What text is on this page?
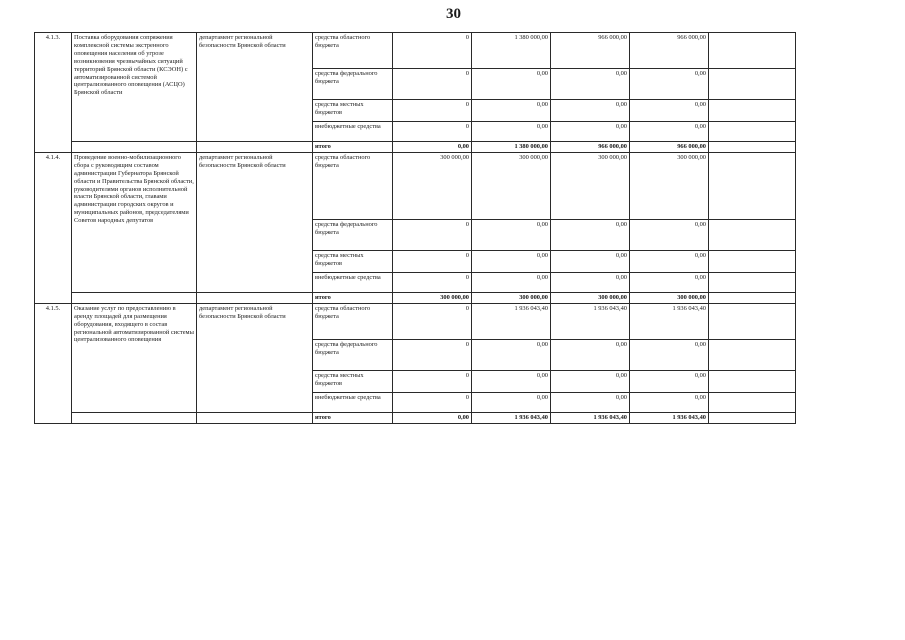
30
4.1.3.	Поставка оборудования сопряжения комплексной системы экстренного оповещения населения об угрозе возникновения чрезвычайных ситуаций территорий Брянской области (КСЭОН) с автоматизированной системой централизованного оповещения (АСЦО) Брянской области	департамент региональной безопасности Брянской области	средства областного бюджета	0	1 380 000,00	966 000,00	966 000,00	
			средства федерального бюджета	0	0,00	0,00	0,00	
			средства местных бюджетов	0	0,00	0,00	0,00	
			внебюджетные средства	0	0,00	0,00	0,00	
			итого	0,00	1 380 000,00	966 000,00	966 000,00	
4.1.4.	Проведение военно-мобилизационного сбора с руководящим составом администрации Губернатора Брянской области и Правительства Брянской области, руководителями органов исполнительной власти Брянской области, главами администрации городских округов и муниципальных районов, председателями Советов народных депутатов	департамент региональной безопасности Брянской области	средства областного бюджета	300 000,00	300 000,00	300 000,00	300 000,00	
			средства федерального бюджета	0	0,00	0,00	0,00	
			средства местных бюджетов	0	0,00	0,00	0,00	
			внебюджетные средства	0	0,00	0,00	0,00	
			итого	300 000,00	300 000,00	300 000,00	300 000,00	
4.1.5.	Оказание услуг по предоставлению в аренду площадей для размещения оборудования, входящего в состав региональной автоматизированной системы централизованного оповещения	департамент региональной безопасности Брянской области	средства областного бюджета	0	1 936 043,40	1 936 043,40	1 936 043,40	
			средства федерального бюджета	0	0,00	0,00	0,00	
			средства местных бюджетов	0	0,00	0,00	0,00	
			внебюджетные средства	0	0,00	0,00	0,00	
			итого	0,00	1 936 043,40	1 936 043,40	1 936 043,40	
